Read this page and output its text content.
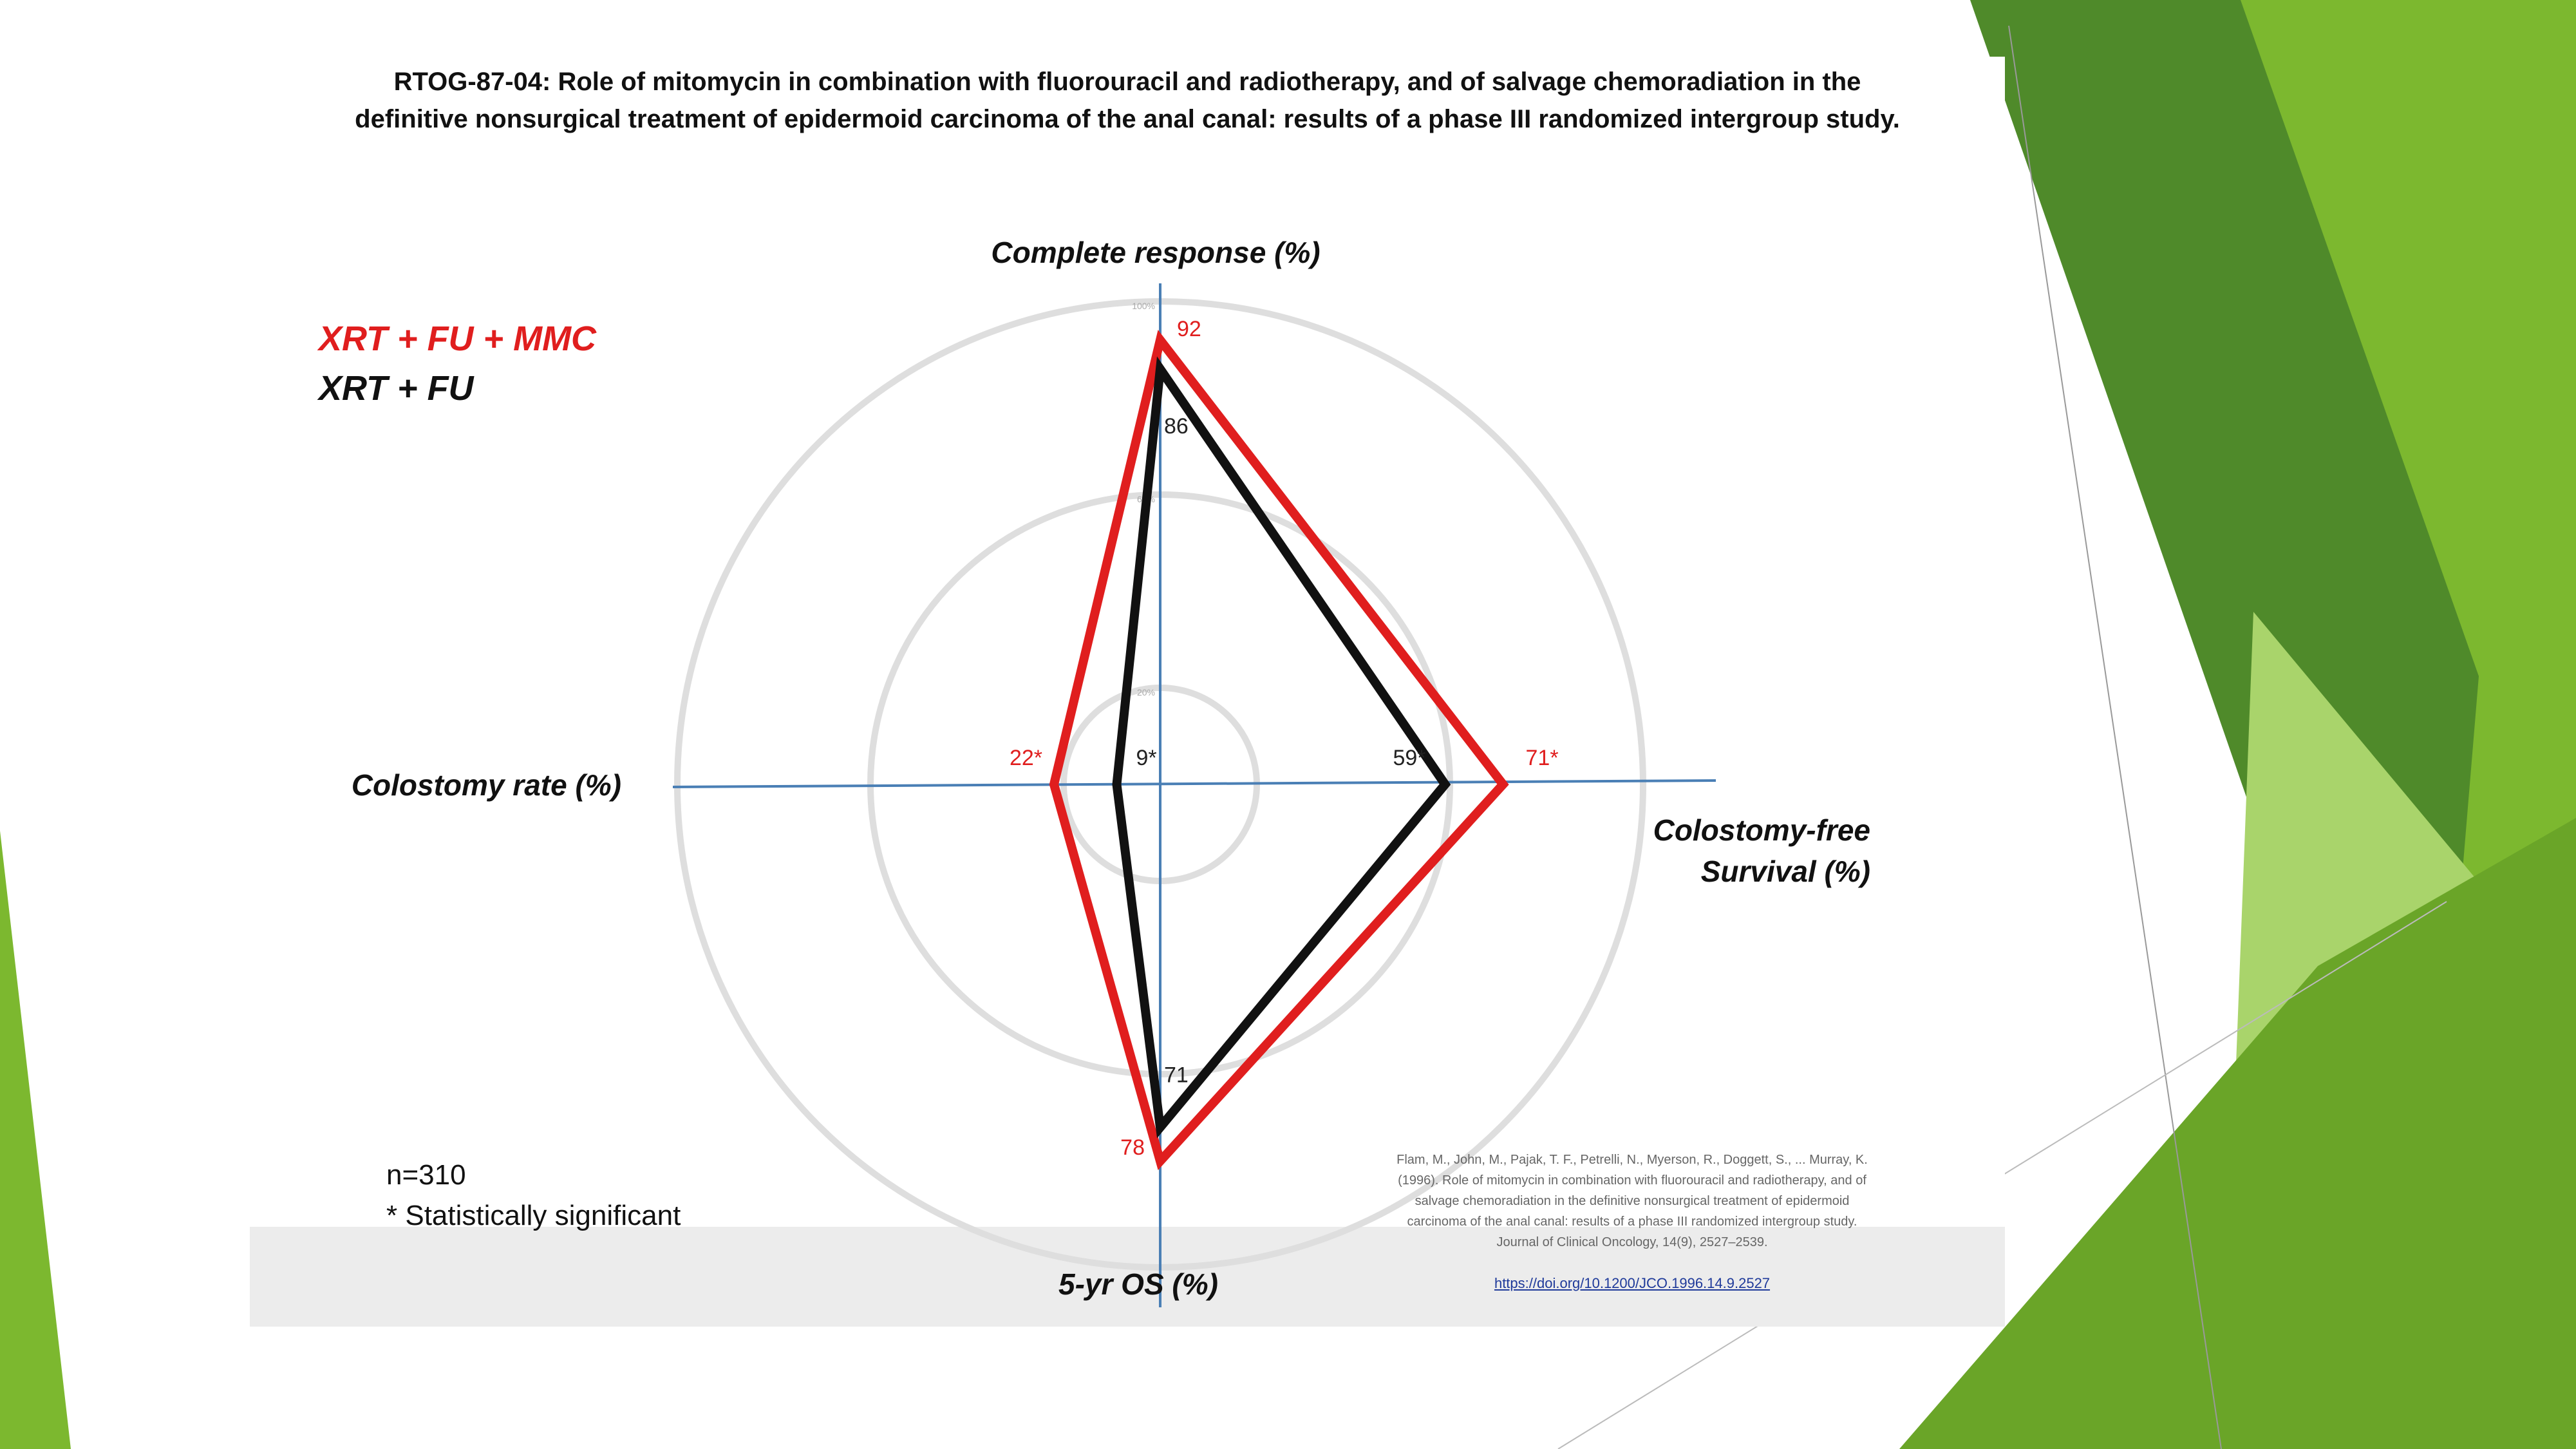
RTOG-87-04: Role of mitomycin in combination with fluorouracil and radiotherapy, and of salvage chemoradiation in the
definitive nonsurgical treatment of epidermoid carcinoma of the anal canal: results of a phase III randomized intergroup study.
XRT + FU + MMC
XRT + FU
20%
60%
100%
92
71*
78
22*
86
59*
71
9*
Complete response (%)
Colostomy-free
Survival (%)
5-yr OS (%)
Colostomy rate (%)
n=310
* Statistically significant
Flam, M., John, M., Pajak, T. F., Petrelli, N., Myerson, R., Doggett, S., ... Murray, K.
(1996). Role of mitomycin in combination with fluorouracil and radiotherapy, and of
salvage chemoradiation in the definitive nonsurgical treatment of epidermoid
carcinoma of the anal canal: results of a phase III randomized intergroup study.
Journal of Clinical Oncology, 14(9), 2527–2539.
https://doi.org/10.1200/JCO.1996.14.9.2527
